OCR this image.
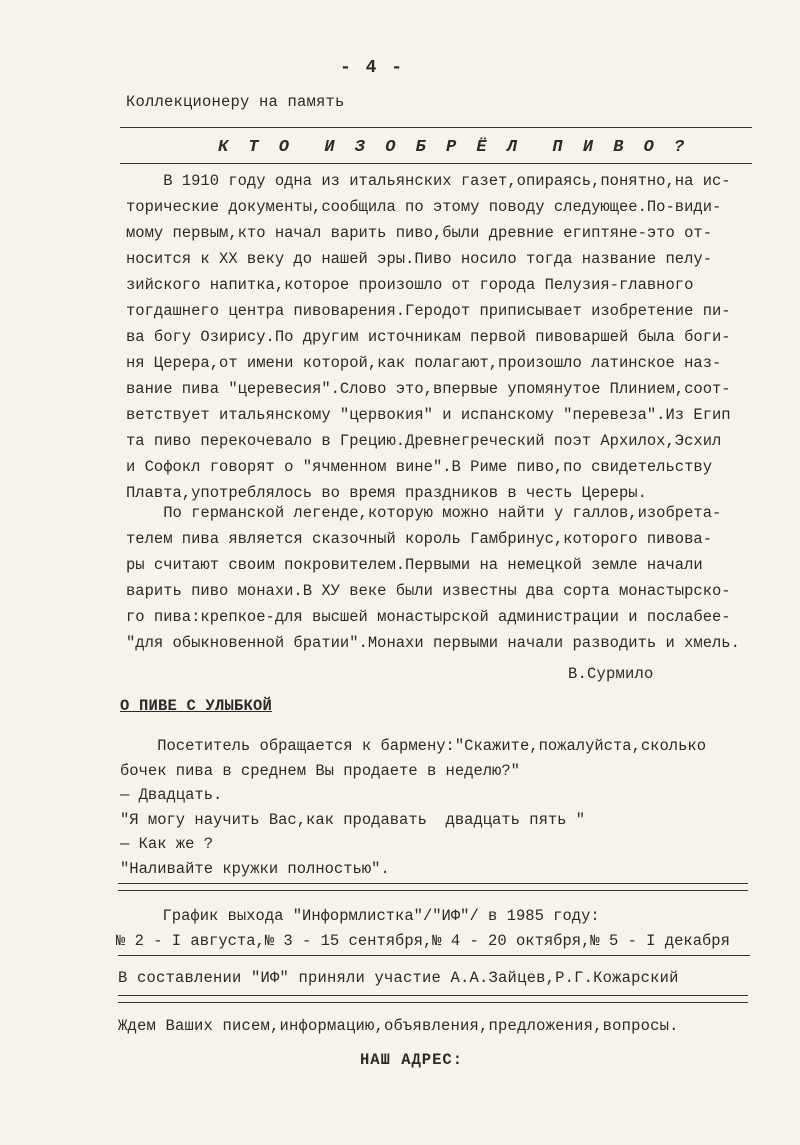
- 4 -
Коллекционеру на память
К Т О  И З О Б Р Ё Л  П И В О ?
В 1910 году одна из итальянских газет,опираясь,понятно,на ис-
торические документы,сообщила по этому поводу следующее.По-види-
мому первым,кто начал варить пиво,были древние египтяне-это от-
носится к ХХ веку до нашей эры.Пиво носило тогда название пелу-
зийского напитка,которое произошло от города Пелузия-главного
тогдашнего центра пивоварения.Геродот приписывает изобретение пи-
ва богу Озирису.По другим источникам первой пивоваршей была боги-
ня Церера,от имени которой,как полагают,произошло латинское наз-
вание пива "церевесия".Слово это,впервые упомянутое Плинием,соот-
ветствует итальянскому "цервокия" и испанскому "перевеза".Из Егип
та пиво перекочевало в Грецию.Древнегреческий поэт Архилох,Эсхил
и Софокл говорят о "ячменном вине".В Риме пиво,по свидетельству
Плавта,употреблялось во время праздников в честь Цереры.
По германской легенде,которую можно найти у галлов,изобрета-
телем пива является сказочный король Гамбринус,которого пивова-
ры считают своим покровителем.Первыми на немецкой земле начали
варить пиво монахи.В ХУ веке были известны два сорта монастырско-
го пива:крепкое-для высшей монастырской администрации и послабее-
"для обыкновенной братии".Монахи первыми начали разводить и хмель.
В.Сурмило
О ПИВЕ С УЛЫБКОЙ
Посетитель обращается к бармену:"Скажите,пожалуйста,сколько
бочек пива в среднем Вы продаете в неделю?"
— Двадцать.
"Я могу научить Вас,как продавать  двадцать пять "
— Как же ?
"Наливайте кружки полностью".
График выхода "Информлистка"/"ИФ"/ в 1985 году:
№ 2 - I августа,№ 3 - 15 сентября,№ 4 - 20 октября,№ 5 - I декабря
В составлении "ИФ" приняли участие А.А.Зайцев,Р.Г.Кожарский
Ждем Ваших писем,информацию,объявления,предложения,вопросы.
НАШ АДРЕС:
